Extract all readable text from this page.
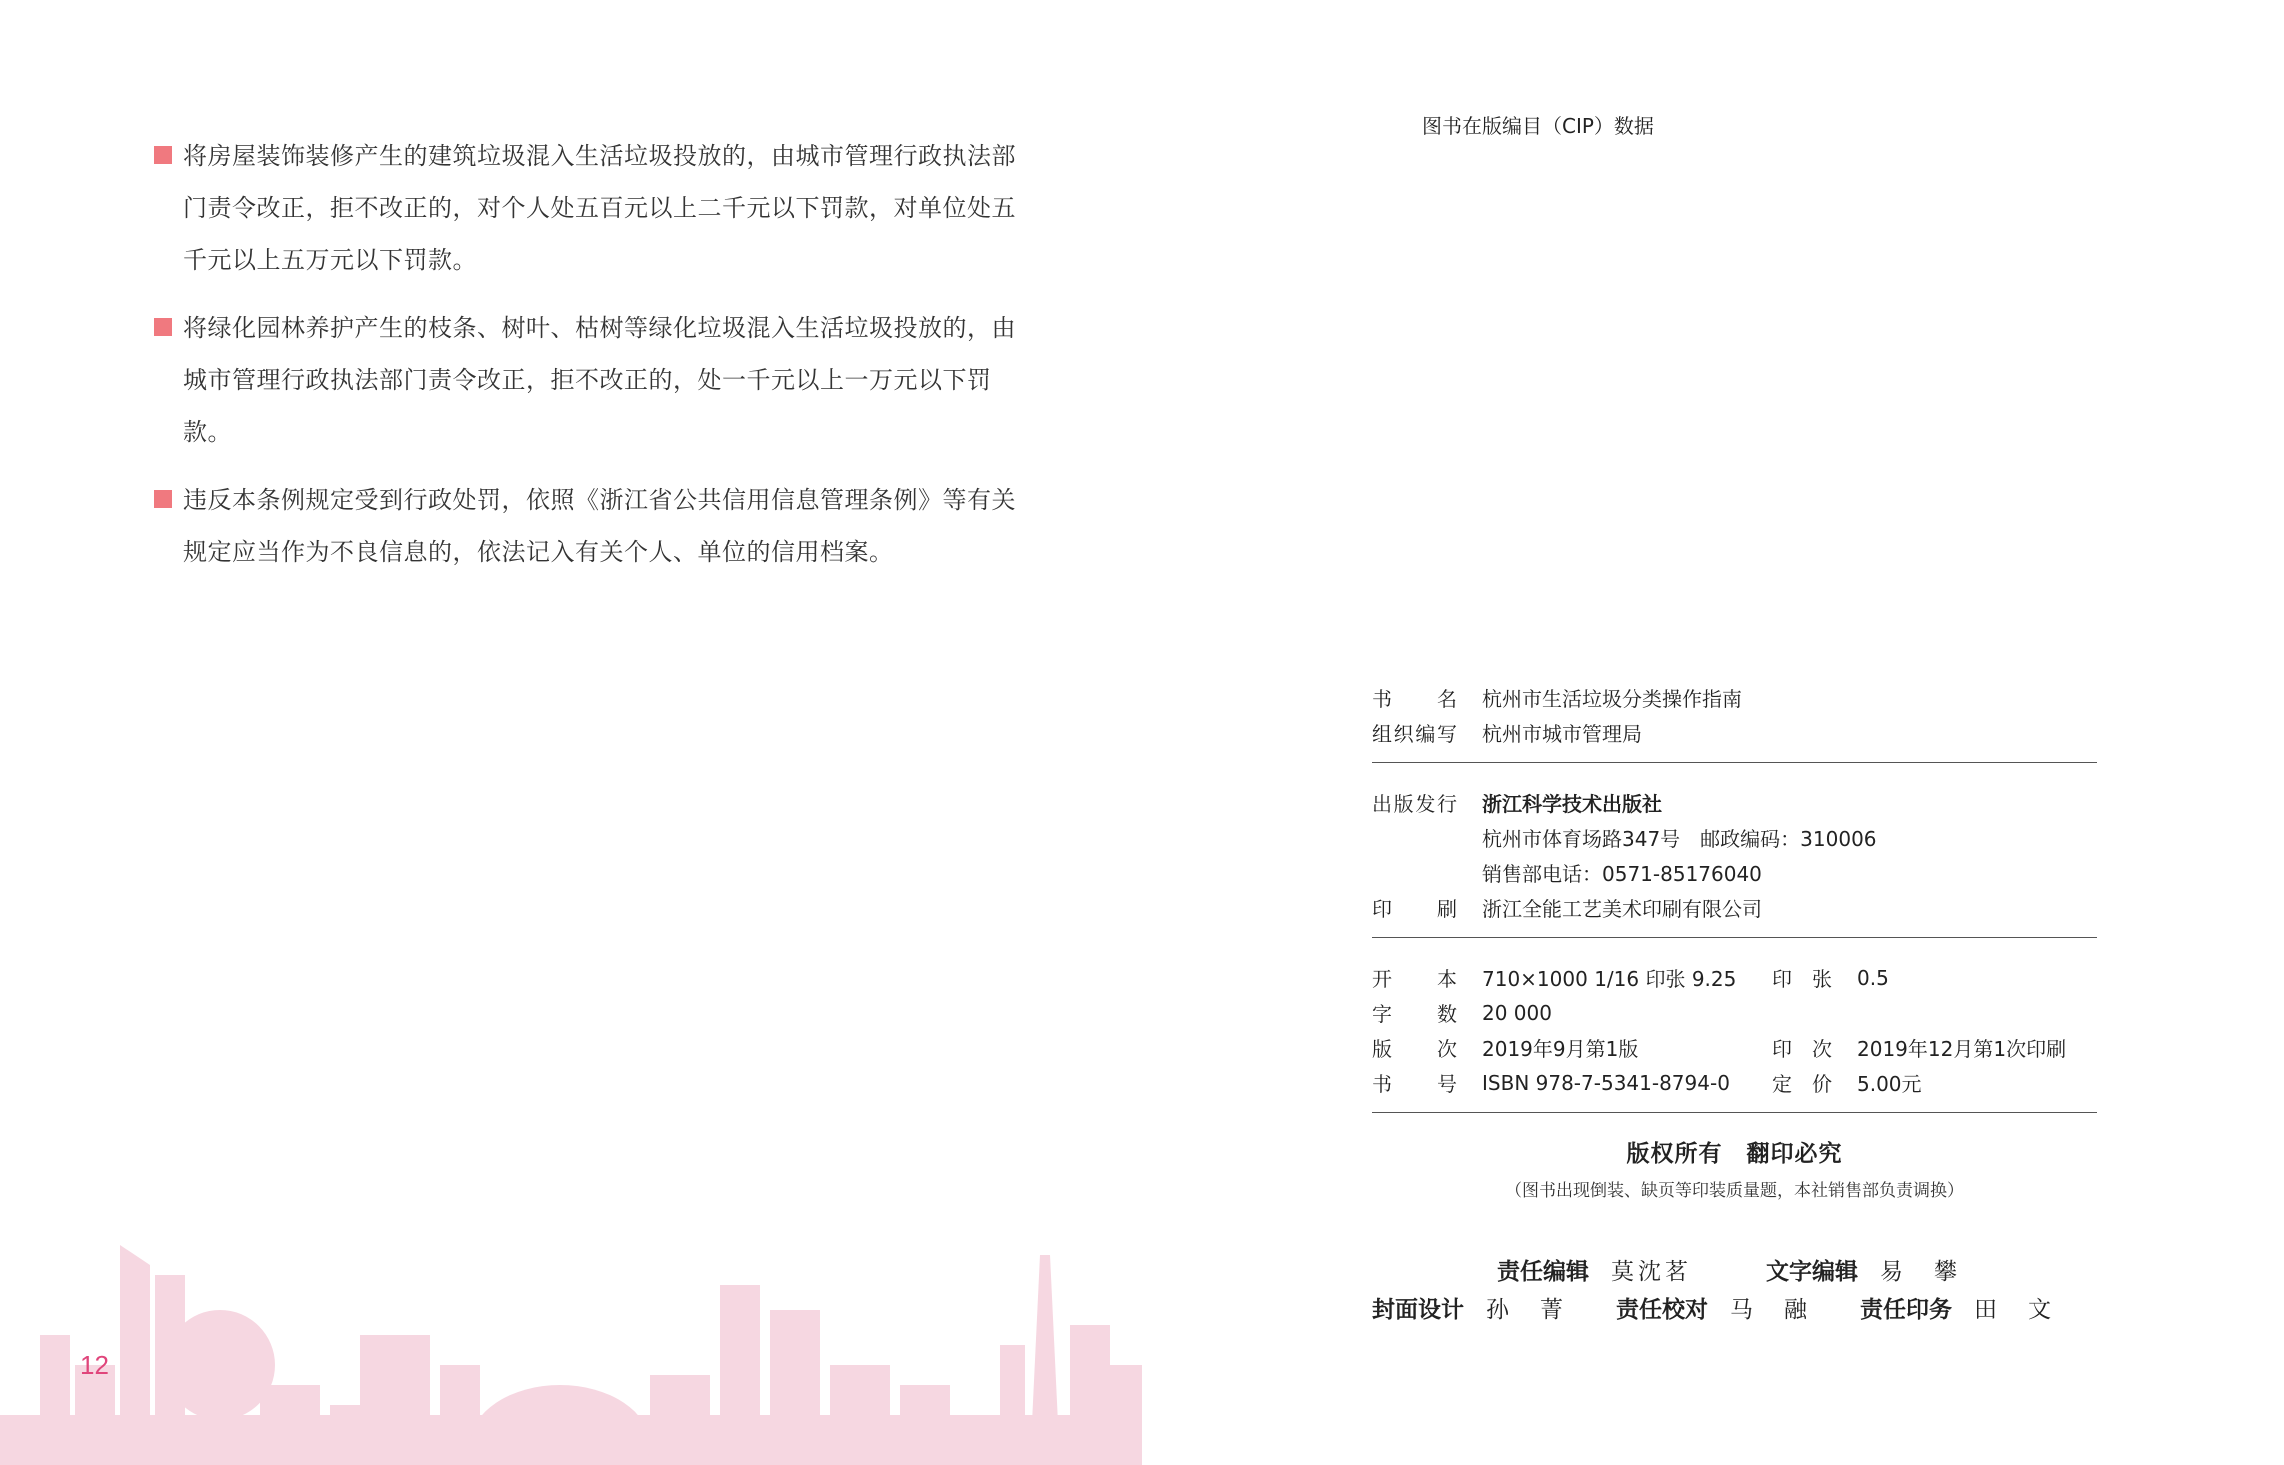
将房屋装饰装修产生的建筑垃圾混入生活垃圾投放的，由城市管理行政执法部门责令改正，拒不改正的，对个人处五百元以上二千元以下罚款，对单位处五千元以上五万元以下罚款。
将绿化园林养护产生的枝条、树叶、枯树等绿化垃圾混入生活垃圾投放的，由城市管理行政执法部门责令改正，拒不改正的，处一千元以上一万元以下罚款。
违反本条例规定受到行政处罚，依照《浙江省公共信用信息管理条例》等有关规定应当作为不良信息的，依法记入有关个人、单位的信用档案。
12
图书在版编目（CIP）数据
书　名 杭州市生活垃圾分类操作指南
组织编写 杭州市城市管理局
出版发行 浙江科学技术出版社
杭州市体育场路347号　邮政编码：310006
销售部电话：0571-85176040
印　刷 浙江全能工艺美术印刷有限公司
开　本 710×1000 1/16 印张 9.25	印　张 0.5
字　数 20 000
版　次 2019年9月第1版	印　次 2019年12月第1次印刷
书　号 ISBN 978-7-5341-8794-0	定　价 5.00元
版权所有　翻印必究
（图书出现倒装、缺页等印装质量题，本社销售部负责调换）
责任编辑 莫沈茗	文字编辑 易　攀
封面设计 孙　菁	责任校对 马　融	责任印务 田　文
